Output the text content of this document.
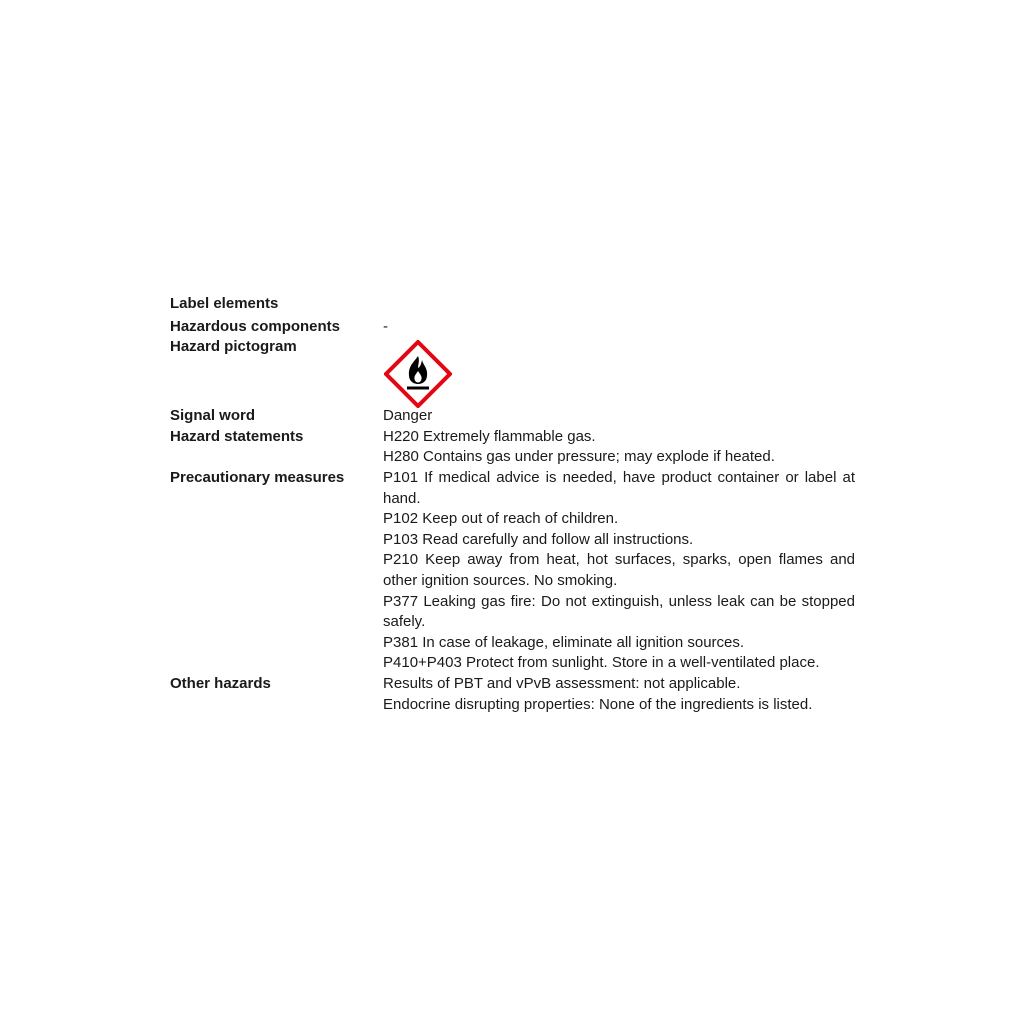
Label elements
Hazardous components	-
Hazard pictogram
Signal word	Danger
Hazard statements	H220 Extremely flammable gas.
H280 Contains gas under pressure; may explode if heated.
Precautionary measures	P101 If medical advice is needed, have product container or label at hand.
P102 Keep out of reach of children.
P103 Read carefully and follow all instructions.
P210 Keep away from heat, hot surfaces, sparks, open flames and other ignition sources. No smoking.
P377 Leaking gas fire: Do not extinguish, unless leak can be stopped safely.
P381 In case of leakage, eliminate all ignition sources.
P410+P403 Protect from sunlight. Store in a well-ventilated place.
Other hazards	Results of PBT and vPvB assessment: not applicable.
Endocrine disrupting properties: None of the ingredients is listed.
